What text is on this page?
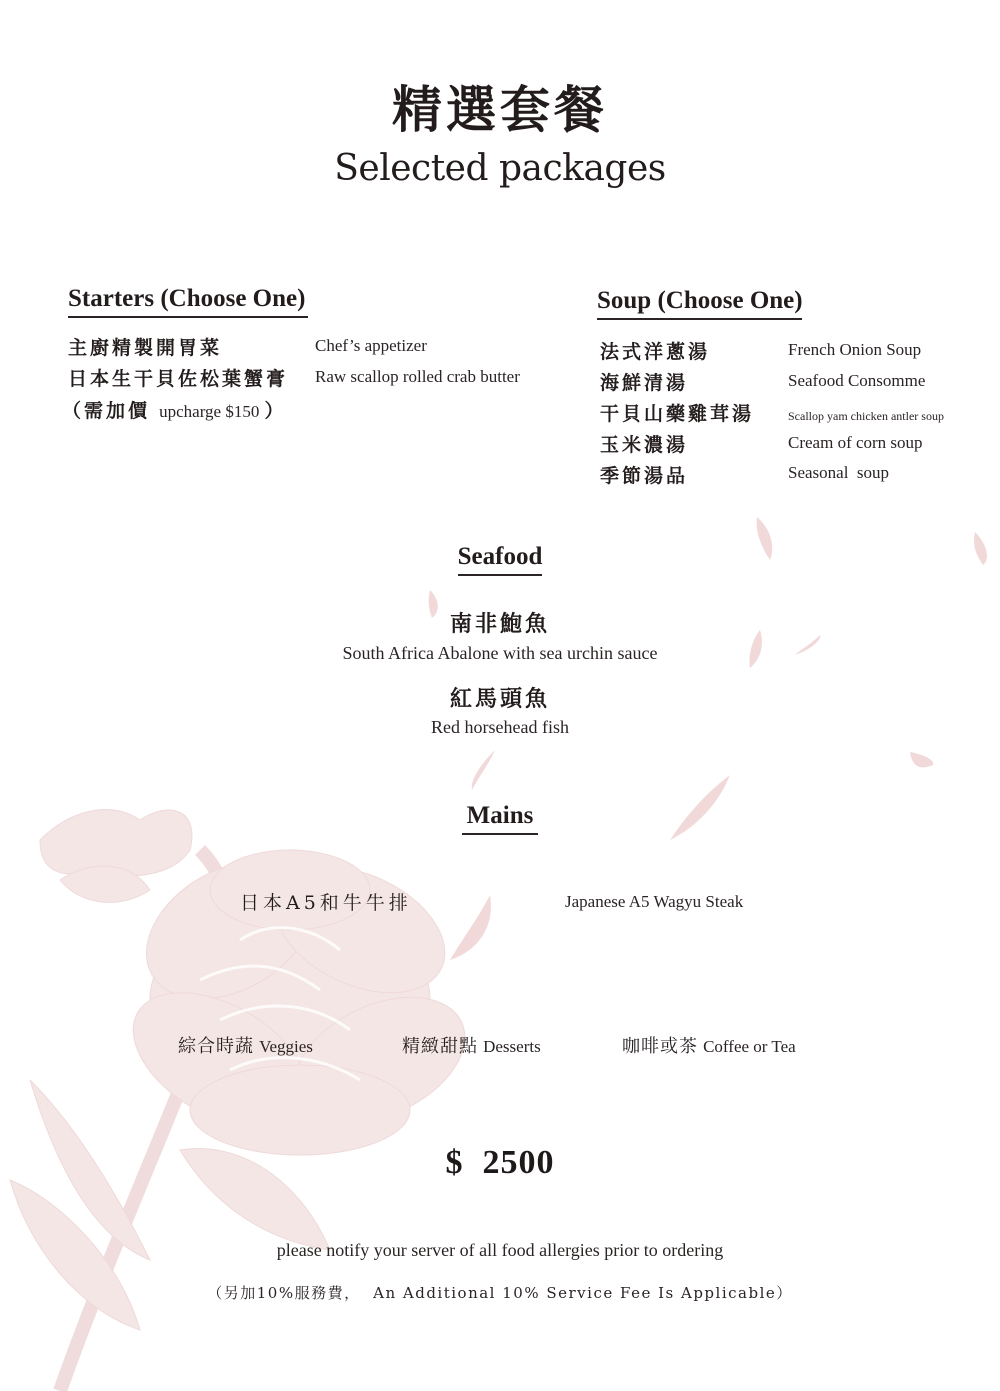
精選套餐
Selected packages
Starters (Choose One)
主廚精製開胃菜	Chef’s appetizer
日本生干貝佐松葉蟹膏 Raw scallop rolled crab butter
（需加價 upcharge $150 ）
Soup (Choose One)
法式洋蔥湯	French Onion Soup
海鮮清湯	Seafood Consomme
干貝山藥雞茸湯	Scallop yam chicken antler soup
玉米濃湯	Cream of corn soup
季節湯品	Seasonal  soup
Seafood
南非鮑魚
South Africa Abalone with sea urchin sauce
紅馬頭魚
Red horsehead fish
Mains
日本A5和牛牛排	Japanese A5 Wagyu Steak
綜合時蔬 Veggies	精緻甜點 Desserts	咖啡或茶 Coffee or Tea
$  2500
please notify your server of all food allergies prior to ordering
（另加10%服務費，  An Additional 10% Service Fee Is Applicable）
